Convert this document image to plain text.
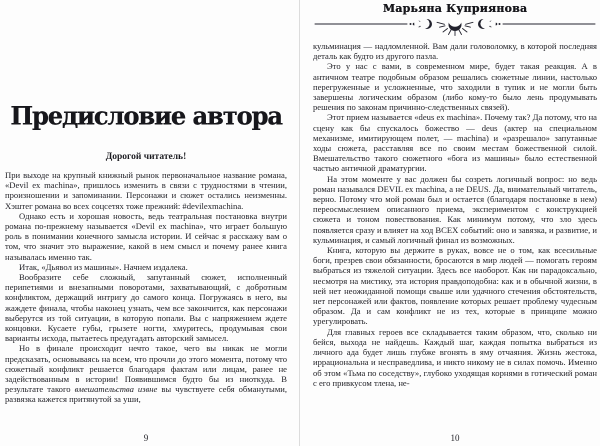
Предисловие автора
Дорогой читатель!

При выходе на крупный книжный рынок первоначальное название романа, «Devil ex machina», пришлось изменить в связи с трудностями в чтении, произношении и запоминании. Персонажи и сюжет остались неизменны. Хэштег романа во всех соцсетях тоже прежний: #devilexmachina.

Однако есть и хорошая новость, ведь театральная постановка внутри романа по-прежнему называется «Devil ex machina», что играет большую роль в понимании конечного замысла истории. И сейчас я расскажу вам о том, что значит это выражение, какой в нем смысл и почему ранее книга называлась именно так.

Итак, «Дьявол из машины». Начнем издалека.

Вообразите себе сложный, запутанный сюжет, исполненный перипетиями и внезапными поворотами, захватывающий, с добротным конфликтом, держащий интригу до самого конца. Погружаясь в него, вы жаждете финала, чтобы наконец узнать, чем все закончится, как персонажи выберутся из той ситуации, в которую попали. Вы с напряжением ждете концовки. Кусаете губы, грызете ногти, хмуритесь, продумывая свои варианты исхода, пытаетесь предугадать авторский замысел.

Но в финале происходит нечто такое, чего вы никак не могли предсказать, основываясь на всем, что прочли до этого момента, потому что сюжетный конфликт решается благодаря фактам или лицам, ранее не задействованным в истории! Появившимся будто бы из ниоткуда. В результате такого вмешательства извне вы чувствуете себя обманутыми, развязка кажется притянутой за уши,

9
Марьяна Куприянова

кульминация — надломленной. Вам дали головоломку, в которой последняя деталь как будто из другого пазла.

Это у нас с вами, в современном мире, будет такая реакция. А в античном театре подобным образом решались сюжетные линии, настолько перегруженные и усложненные, что заходили в тупик и не могли быть завершены логическим образом (либо кому-то было лень продумывать решения по законам причинно-следственных связей).

Этот прием называется «deus ex machina». Почему так? Да потому, что на сцену как бы спускалось божество — deus (актер на специальном механизме, имитирующем полет, — machina) и «разрешало» запутанные ходы сюжета, расставляя все по своим местам божественной силой. Вмешательство такого сюжетного «бога из машины» было естественной частью античной драматургии.

На этом моменте у вас должен бы созреть логичный вопрос: но ведь роман назывался DEVIL ex machina, а не DEUS. Да, внимательный читатель, верно. Потому что мой роман был и остается (благодаря постановке в нем) переосмыслением описанного приема, экспериментом с конструкцией сюжета и тоном повествования. Как минимум потому, что зло здесь появляется сразу и влияет на ход ВСЕХ событий: оно и завязка, и развитие, и кульминация, и самый логичный финал из возможных.

Книга, которую вы держите в руках, вовсе не о том, как всесильные боги, презрев свои обязанности, бросаются в мир людей — помогать героям выбраться из тяжелой ситуации. Здесь все наоборот. Как ни парадоксально, несмотря на мистику, эта история правдоподобна: как и в обычной жизни, в ней нет неожиданной помощи свыше или удачного стечения обстоятельств, нет персонажей или фактов, появление которых решает проблему чудесным образом. Да и сам конфликт не из тех, которые в принципе можно урегулировать.

Для главных героев все складывается таким образом, что, сколько ни бейся, выхода не найдешь. Каждый шаг, каждая попытка выбраться из личного ада будет лишь глубже вгонять в яму отчаяния. Жизнь жестока, иррациональна и несправедлива, и никто никому не в силах помочь. Именно об этом «Тьма по соседству», глубоко уходящая корнями в готический роман с его привкусом тлена, не-

10
